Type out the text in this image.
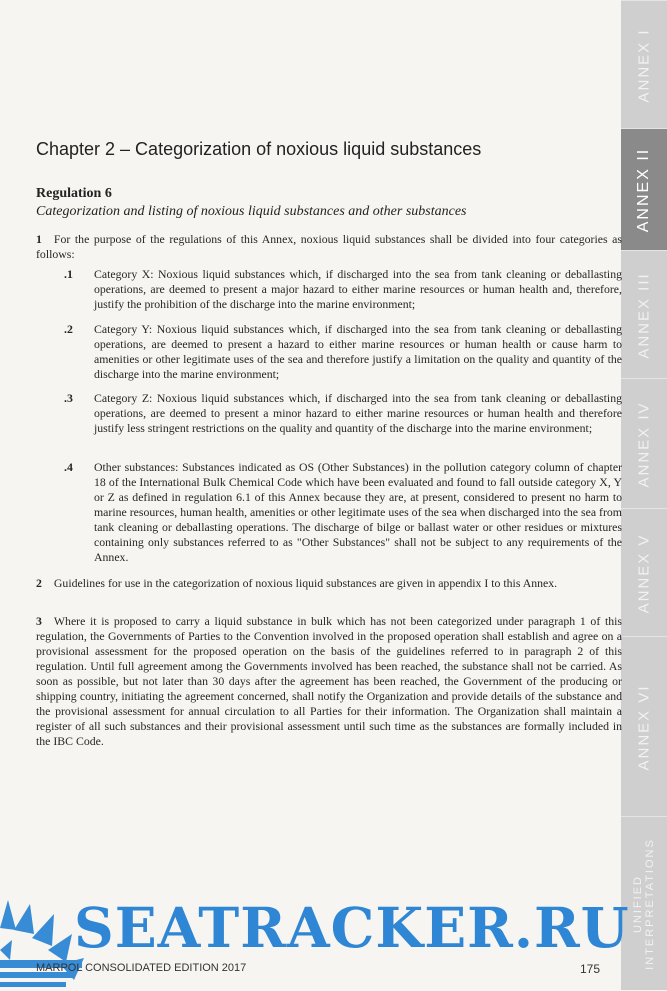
ANNEX I
ANNEX II
ANNEX III
ANNEX IV
ANNEX V
ANNEX VI
UNIFIED INTERPRETATIONS
Chapter 2 – Categorization of noxious liquid substances

Regulation 6

Categorization and listing of noxious liquid substances and other substances

1 For the purpose of the regulations of this Annex, noxious liquid substances shall be divided into four categories as follows:

.1	Category X: Noxious liquid substances which, if discharged into the sea from tank cleaning or deballasting operations, are deemed to present a major hazard to either marine resources or human health and, therefore, justify the prohibition of the discharge into the marine environment;
.2	Category Y: Noxious liquid substances which, if discharged into the sea from tank cleaning or deballasting operations, are deemed to present a hazard to either marine resources or human health or cause harm to amenities or other legitimate uses of the sea and therefore justify a limitation on the quality and quantity of the discharge into the marine environment;
.3	Category Z: Noxious liquid substances which, if discharged into the sea from tank cleaning or deballasting operations, are deemed to present a minor hazard to either marine resources or human health and therefore justify less stringent restrictions on the quality and quantity of the discharge into the marine environment;
.4	Other substances: Substances indicated as OS (Other Substances) in the pollution category column of chapter 18 of the International Bulk Chemical Code which have been evaluated and found to fall outside category X, Y or Z as defined in regulation 6.1 of this Annex because they are, at present, considered to present no harm to marine resources, human health, amenities or other legitimate uses of the sea when discharged into the sea from tank cleaning or deballasting operations. The discharge of bilge or ballast water or other residues or mixtures containing only substances referred to as "Other Substances" shall not be subject to any requirements of the Annex.

2 Guidelines for use in the categorization of noxious liquid substances are given in appendix I to this Annex.

3 Where it is proposed to carry a liquid substance in bulk which has not been categorized under paragraph 1 of this regulation, the Governments of Parties to the Convention involved in the proposed operation shall establish and agree on a provisional assessment for the proposed operation on the basis of the guidelines referred to in paragraph 2 of this regulation. Until full agreement among the Governments involved has been reached, the substance shall not be carried. As soon as possible, but not later than 30 days after the agreement has been reached, the Government of the producing or shipping country, initiating the agreement concerned, shall notify the Organization and provide details of the substance and the provisional assessment for annual circulation to all Parties for their information. The Organization shall maintain a register of all such substances and their provisional assessment until such time as the substances are formally included in the IBC Code.

SEATRACKER.RU

MARPOL CONSOLIDATED EDITION 2017	175
